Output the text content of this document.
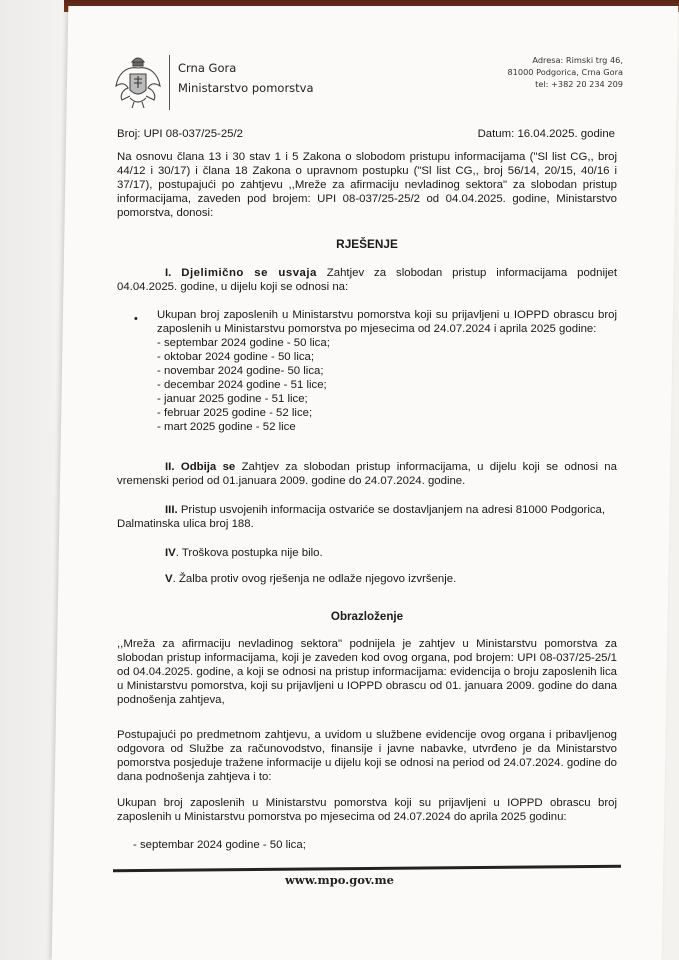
Crna Gora
Ministarstvo pomorstva
Adresa: Rimski trg 46,
81000 Podgorica, Crna Gora
tel: +382 20 234 209
Broj: UPI 08-037/25-25/2	Datum: 16.04.2025. godine
Na osnovu člana 13 i 30 stav 1 i 5 Zakona o slobodom pristupu informacijama ("Sl list CG,, broj 44/12 i 30/17) i člana 18 Zakona o upravnom postupku ("Sl list CG,, broj 56/14, 20/15, 40/16 i 37/17), postupajući po zahtjevu ,,Mreže za afirmaciju nevladinog sektora" za slobodan pristup informacijama, zaveden pod brojem: UPI 08-037/25-25/2 od 04.04.2025. godine, Ministarstvo pomorstva, donosi:
RJEŠENJE
I. Djelimično se usvaja Zahtjev za slobodan pristup informacijama podnijet 04.04.2025. godine, u dijelu koji se odnosi na:
• Ukupan broj zaposlenih u Ministarstvu pomorstva koji su prijavljeni u IOPPD obrascu broj zaposlenih u Ministarstvu pomorstva po mjesecima od 24.07.2024 i aprila 2025 godine:
- septembar 2024 godine - 50 lica;
- oktobar 2024 godine - 50 lica;
- novembar 2024 godine- 50 lica;
- decembar 2024 godine - 51 lice;
- januar 2025 godine - 51 lice;
- februar 2025 godine - 52 lice;
- mart 2025 godine - 52 lice
II. Odbija se Zahtjev za slobodan pristup informacijama, u dijelu koji se odnosi na vremenski period od 01.januara 2009. godine do 24.07.2024. godine.
III. Pristup usvojenih informacija ostvariće se dostavljanjem na adresi 81000 Podgorica, Dalmatinska ulica broj 188.
IV. Troškova postupka nije bilo.
V. Žalba protiv ovog rješenja ne odlaže njegovo izvršenje.
Obrazloženje
,,Mreža za afirmaciju nevladinog sektora" podnijela je zahtjev u Ministarstvu pomorstva za slobodan pristup informacijama, koji je zaveden kod ovog organa, pod brojem: UPI 08-037/25-25/1 od 04.04.2025. godine, a koji se odnosi na pristup informacijama: evidencija o broju zaposlenih lica u Ministarstvu pomorstva, koji su prijavljeni u IOPPD obrascu od 01. januara 2009. godine do dana podnošenja zahtjeva,
Postupajući po predmetnom zahtjevu, a uvidom u službene evidencije ovog organa i pribavljenog odgovora od Službe za računovodstvo, finansije i javne nabavke, utvrđeno je da Ministarstvo pomorstva posjeduje tražene informacije u dijelu koji se odnosi na period od 24.07.2024. godine do dana podnošenja zahtjeva i to:
Ukupan broj zaposlenih u Ministarstvu pomorstva koji su prijavljeni u IOPPD obrascu broj zaposlenih u Ministarstvu pomorstva po mjesecima od 24.07.2024 do aprila 2025 godinu:
- septembar 2024 godine - 50 lica;
www.mpo.gov.me
